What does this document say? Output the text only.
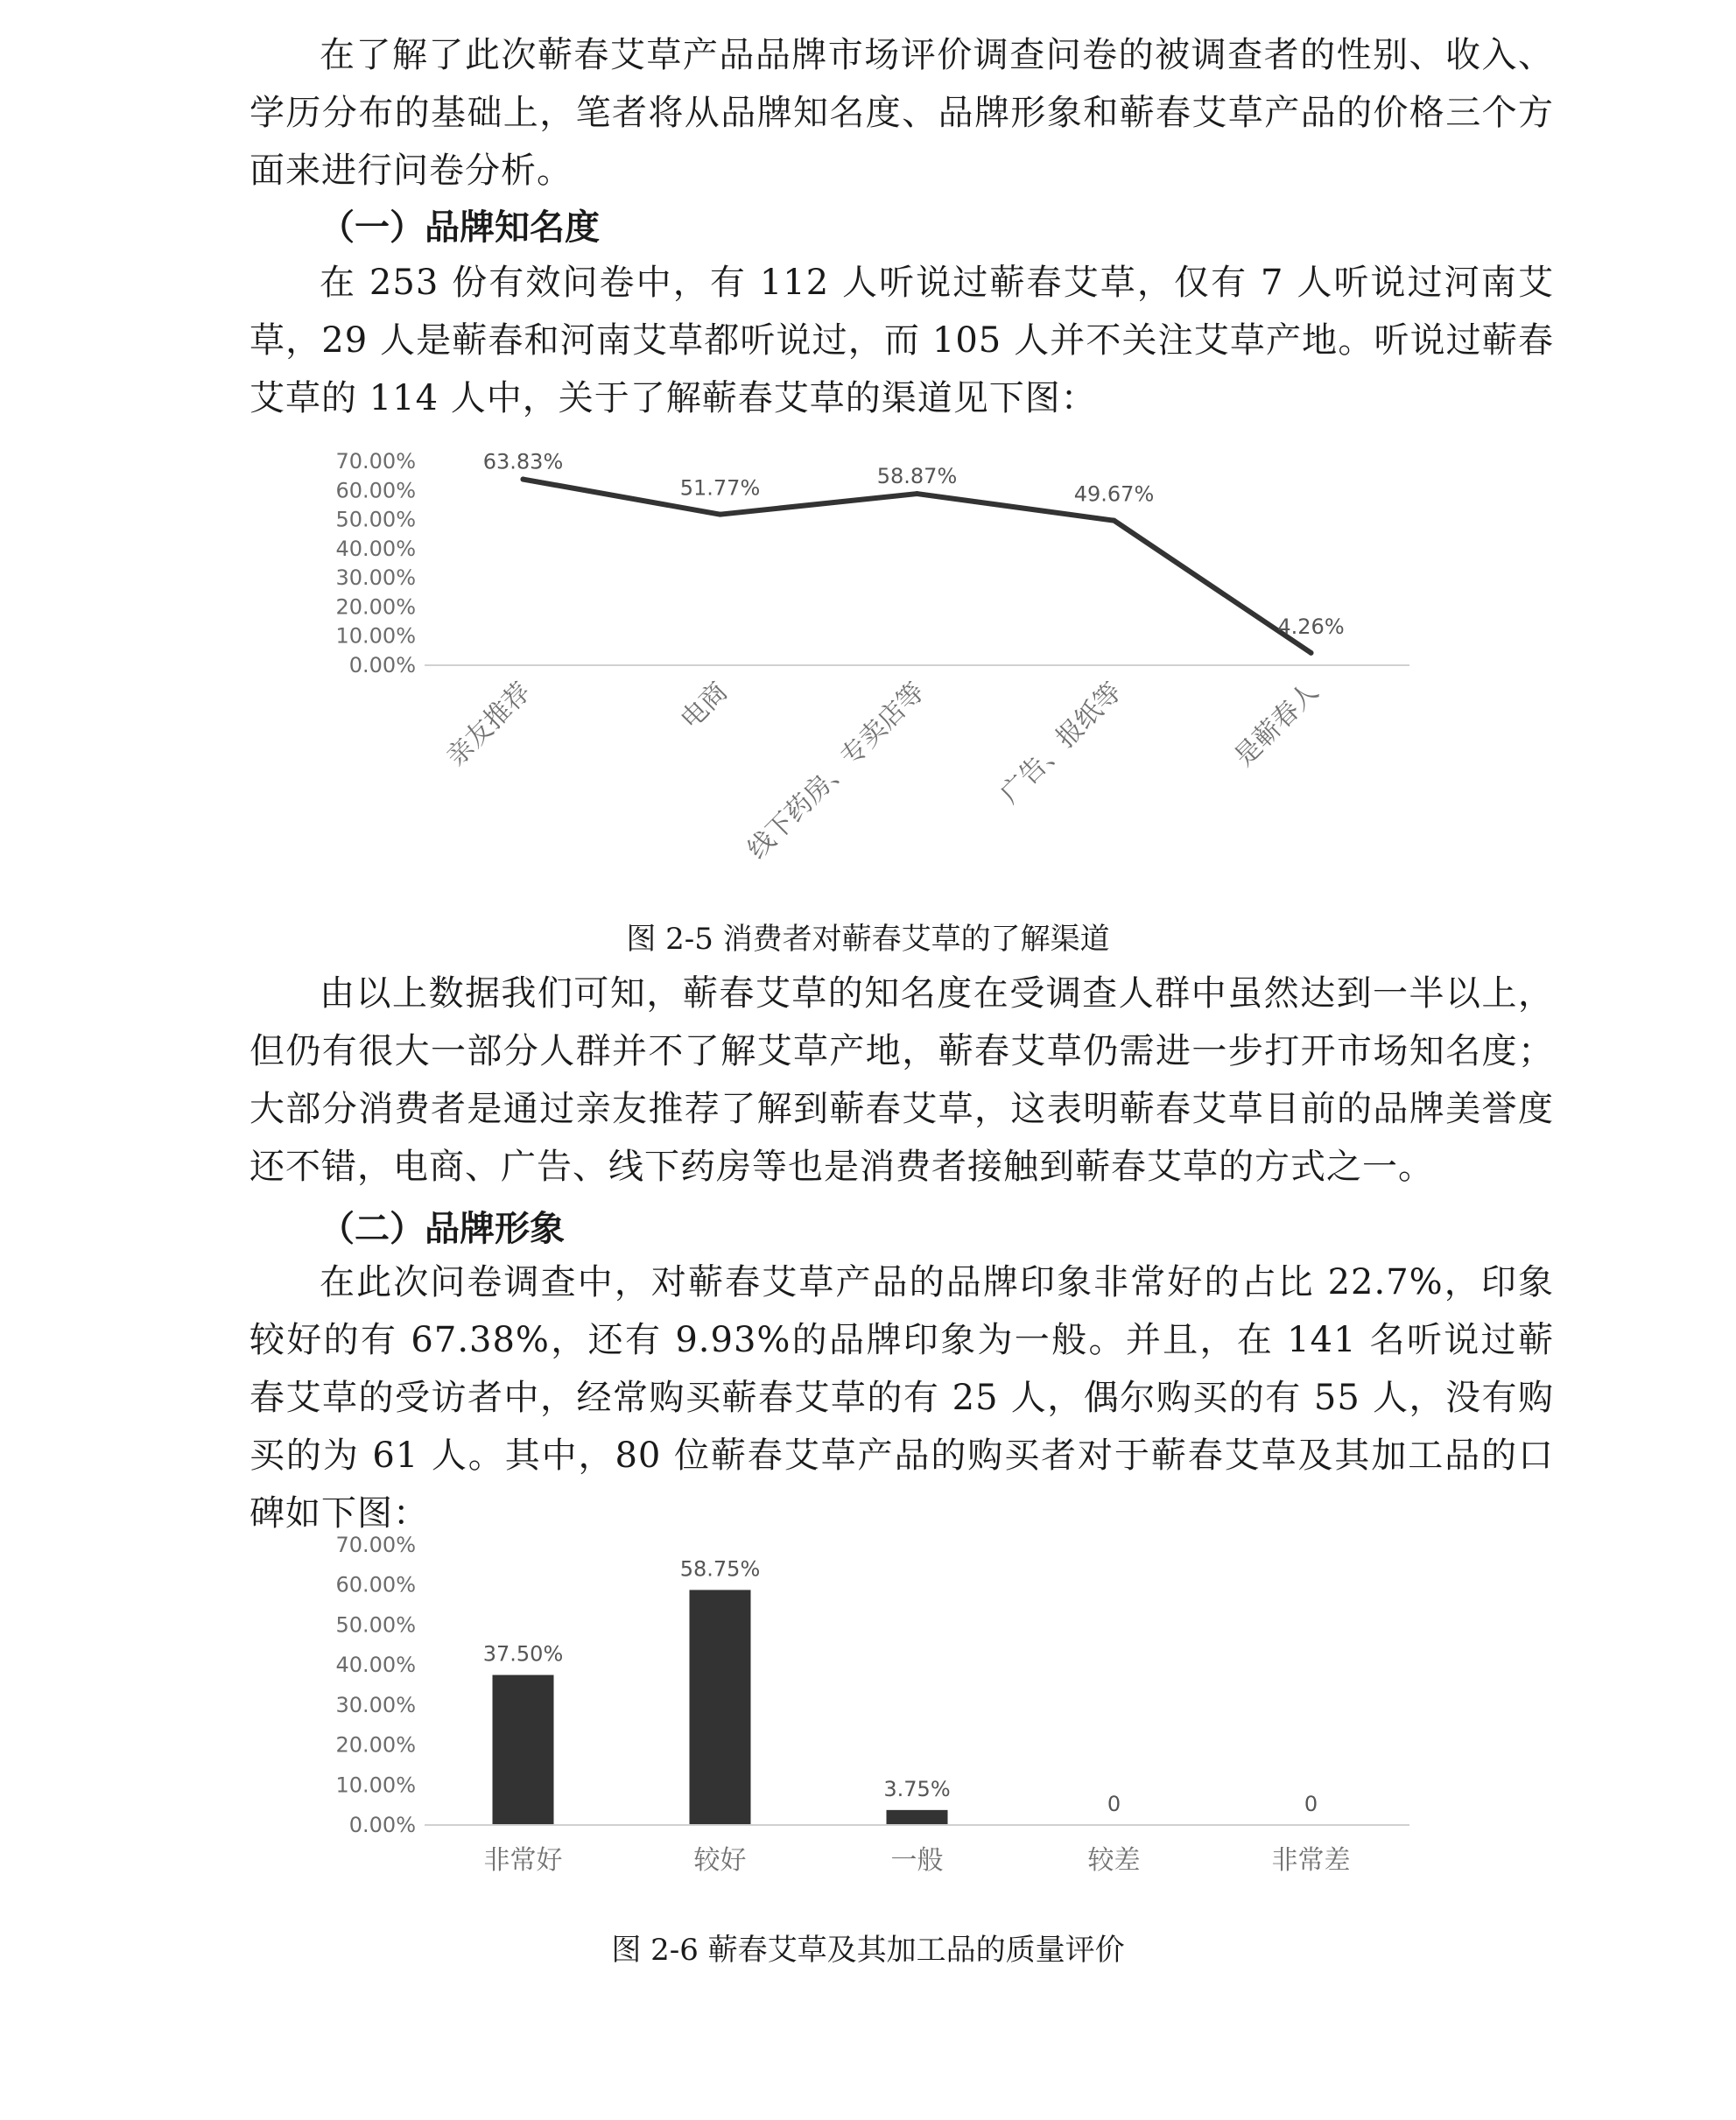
在了解了此次蕲春艾草产品品牌市场评价调查问卷的被调查者的性别、收入、学历分布的基础上，笔者将从品牌知名度、品牌形象和蕲春艾草产品的价格三个方面来进行问卷分析。

（一）品牌知名度

在 253 份有效问卷中，有 112 人听说过蕲春艾草，仅有 7 人听说过河南艾草，29 人是蕲春和河南艾草都听说过，而 105 人并不关注艾草产地。听说过蕲春艾草的 114 人中，关于了解蕲春艾草的渠道见下图：

0.00%
10.00%
20.00%
30.00%
40.00%
50.00%
60.00%
70.00%	63.83%
51.77%	58.87%
49.67%
4.26%
亲友推荐	电商 线下药房、专卖店等 广告、报纸等	是蕲春人

图 2-5 消费者对蕲春艾草的了解渠道

由以上数据我们可知，蕲春艾草的知名度在受调查人群中虽然达到一半以上，但仍有很大一部分人群并不了解艾草产地，蕲春艾草仍需进一步打开市场知名度；大部分消费者是通过亲友推荐了解到蕲春艾草，这表明蕲春艾草目前的品牌美誉度还不错，电商、广告、线下药房等也是消费者接触到蕲春艾草的方式之一。

（二）品牌形象

在此次问卷调查中，对蕲春艾草产品的品牌印象非常好的占比 22.7%，印象较好的有 67.38%，还有 9.93%的品牌印象为一般。并且，在 141 名听说过蕲春艾草的受访者中，经常购买蕲春艾草的有 25 人，偶尔购买的有 55 人，没有购买的为 61 人。其中，80 位蕲春艾草产品的购买者对于蕲春艾草及其加工品的口碑如下图：

0.00%
10.00%
20.00%
30.00%
40.00%
50.00%
60.00%
70.00%
37.50%
58.75%
3.75%
0	0
非常好	较好	一般	较差	非常差

图 2-6 蕲春艾草及其加工品的质量评价
